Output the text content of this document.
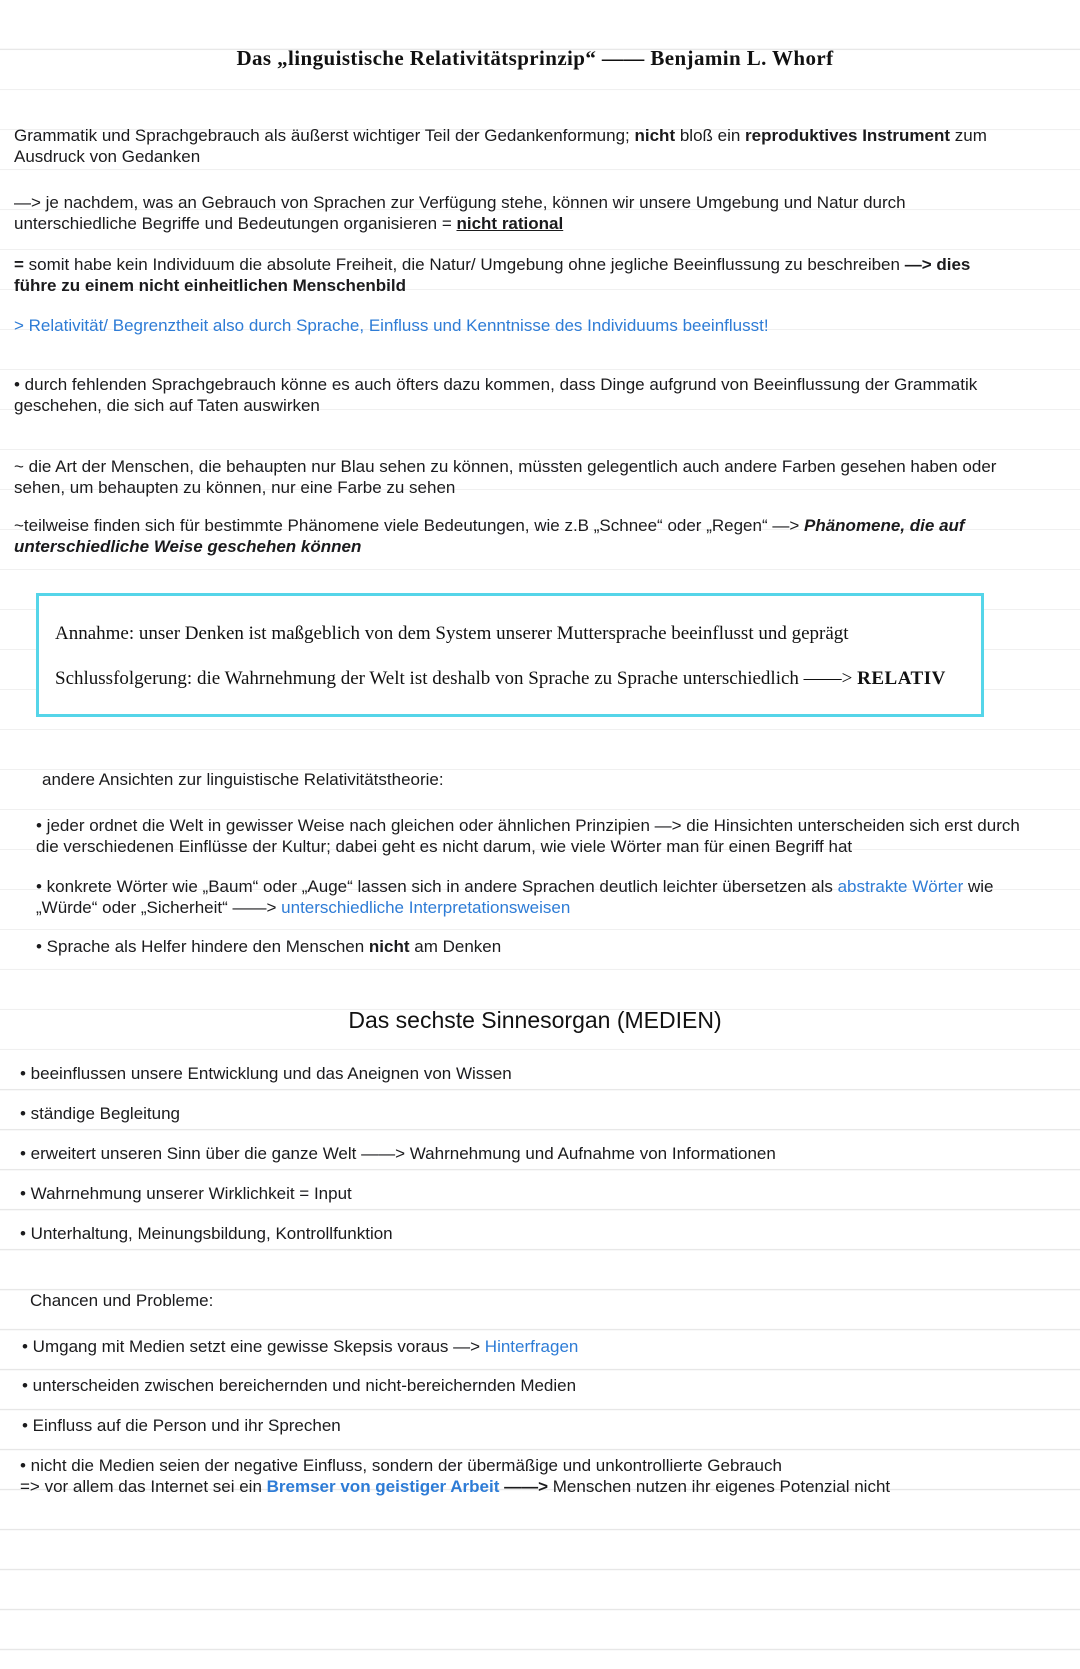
Das „linguistische Relativitätsprinzip“ —— Benjamin L. Whorf

Grammatik und Sprachgebrauch als äußerst wichtiger Teil der Gedankenformung; nicht bloß ein reproduktives Instrument zum Ausdruck von Gedanken

—> je nachdem, was an Gebrauch von Sprachen zur Verfügung stehe, können wir unsere Umgebung und Natur durch unterschiedliche Begriffe und Bedeutungen organisieren = nicht rational

= somit habe kein Individuum die absolute Freiheit, die Natur/ Umgebung ohne jegliche Beeinflussung zu beschreiben —> dies führe zu einem nicht einheitlichen Menschenbild

> Relativität/ Begrenztheit also durch Sprache, Einfluss und Kenntnisse des Individuums beeinflusst!

• durch fehlenden Sprachgebrauch könne es auch öfters dazu kommen, dass Dinge aufgrund von Beeinflussung der Grammatik geschehen, die sich auf Taten auswirken

~ die Art der Menschen, die behaupten nur Blau sehen zu können, müssten gelegentlich auch andere Farben gesehen haben oder sehen, um behaupten zu können, nur eine Farbe zu sehen

~teilweise finden sich für bestimmte Phänomene viele Bedeutungen, wie z.B „Schnee“ oder „Regen“ —> Phänomene, die auf unterschiedliche Weise geschehen können

Annahme: unser Denken ist maßgeblich von dem System unserer Muttersprache beeinflusst und geprägt
Schlussfolgerung: die Wahrnehmung der Welt ist deshalb von Sprache zu Sprache unterschiedlich ——> RELATIV

andere Ansichten zur linguistische Relativitätstheorie:

• jeder ordnet die Welt in gewisser Weise nach gleichen oder ähnlichen Prinzipien —> die Hinsichten unterscheiden sich erst durch die verschiedenen Einflüsse der Kultur; dabei geht es nicht darum, wie viele Wörter man für einen Begriff hat

• konkrete Wörter wie „Baum“ oder „Auge“ lassen sich in andere Sprachen deutlich leichter übersetzen als abstrakte Wörter wie „Würde“ oder „Sicherheit“ ——> unterschiedliche Interpretationsweisen

• Sprache als Helfer hindere den Menschen nicht am Denken

Das sechste Sinnesorgan (MEDIEN)

• beeinflussen unsere Entwicklung und das Aneignen von Wissen

• ständige Begleitung

• erweitert unseren Sinn über die ganze Welt ——> Wahrnehmung und Aufnahme von Informationen

• Wahrnehmung unserer Wirklichkeit = Input

• Unterhaltung, Meinungsbildung, Kontrollfunktion

Chancen und Probleme:

• Umgang mit Medien setzt eine gewisse Skepsis voraus —> Hinterfragen

• unterscheiden zwischen bereichernden und nicht-bereichernden Medien

• Einfluss auf die Person und ihr Sprechen

• nicht die Medien seien der negative Einfluss, sondern der übermäßige und unkontrollierte Gebrauch

=> vor allem das Internet sei ein Bremser von geistiger Arbeit ——> Menschen nutzen ihr eigenes Potenzial nicht
